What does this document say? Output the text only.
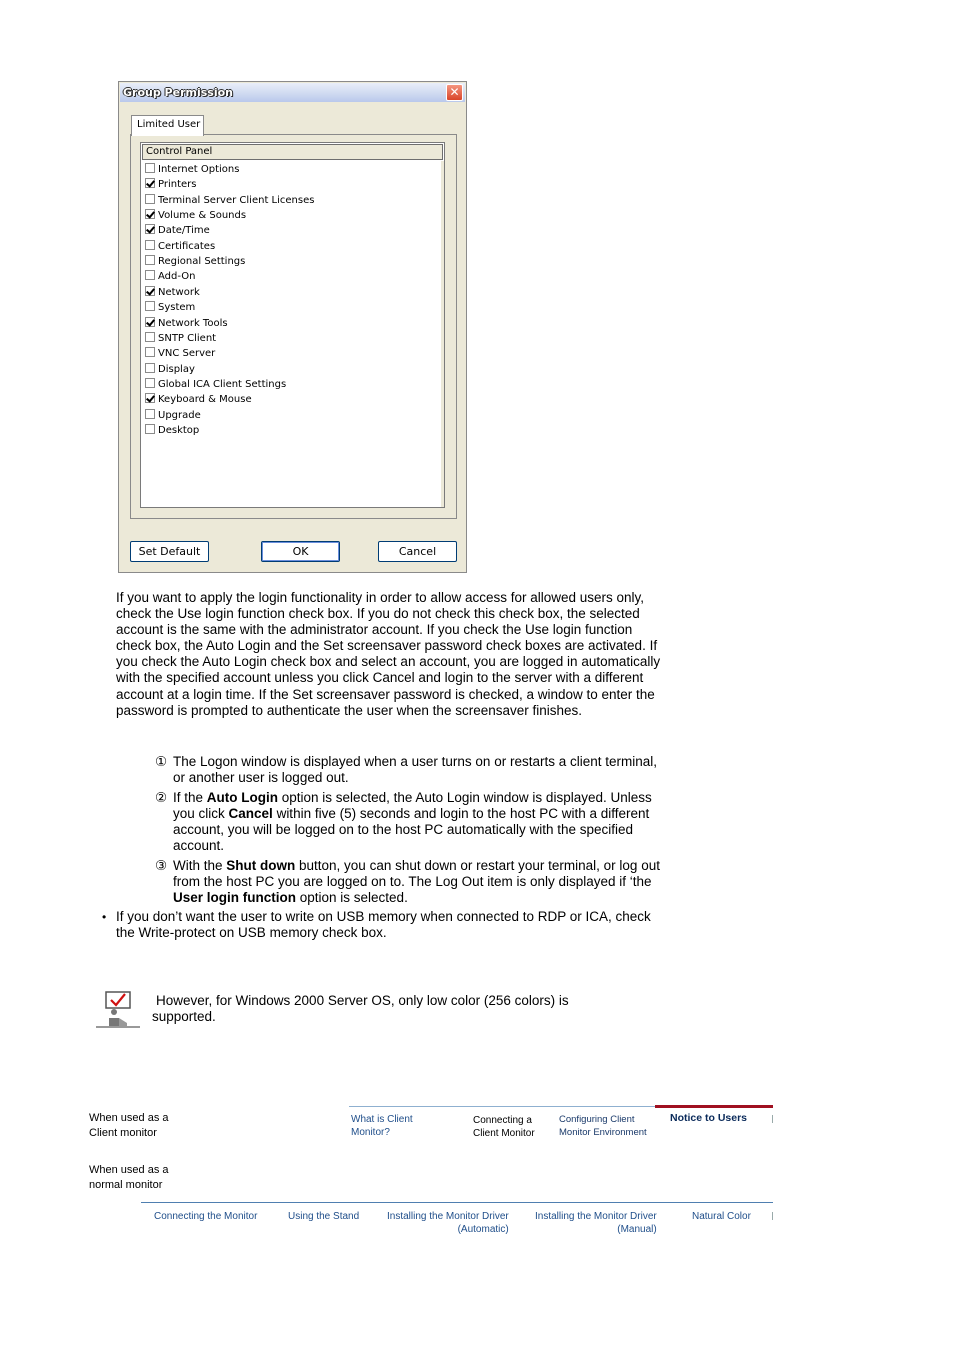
Group Permission	✕
Limited User
Control Panel
Internet Options
Printers
Terminal Server Client Licenses
Volume & Sounds
Date/Time
Certificates
Regional Settings
Add-On
Network
System
Network Tools
SNTP Client
VNC Server
Display
Global ICA Client Settings
Keyboard & Mouse
Upgrade
Desktop
Set Default	OK	Cancel
If you want to apply the login functionality in order to allow access for allowed users only, check the Use login function check box. If you do not check this check box, the selected account is the same with the administrator account. If you check the Use login function check box, the Auto Login and the Set screensaver password check boxes are activated. If you check the Auto Login check box and select an account, you are logged in automatically with the specified account unless you click Cancel and login to the server with a different account at a login time. If the Set screensaver password is checked, a window to enter the password is prompted to authenticate the user when the screensaver finishes.
① The Logon window is displayed when a user turns on or restarts a client terminal, or another user is logged out.
② If the Auto Login option is selected, the Auto Login window is displayed. Unless you click Cancel within five (5) seconds and login to the host PC with a different account, you will be logged on to the host PC automatically with the specified account.
③ With the Shut down button, you can shut down or restart your terminal, or log out from the host PC you are logged on to. The Log Out item is only displayed if ‘the User login function option is selected.
• If you don’t want the user to write on USB memory when connected to RDP or ICA, check the Write-protect on USB memory check box.
However, for Windows 2000 Server OS, only low color (256 colors) is supported.
When used as a
Client monitor
When used as a
normal monitor
What is Client
Monitor?
Connecting a
Client Monitor
Configuring Client
Monitor Environment
Notice to Users
Connecting the Monitor	Using the Stand	Installing the Monitor Driver
(Automatic)
Installing the Monitor Driver
(Manual)
Natural Color
